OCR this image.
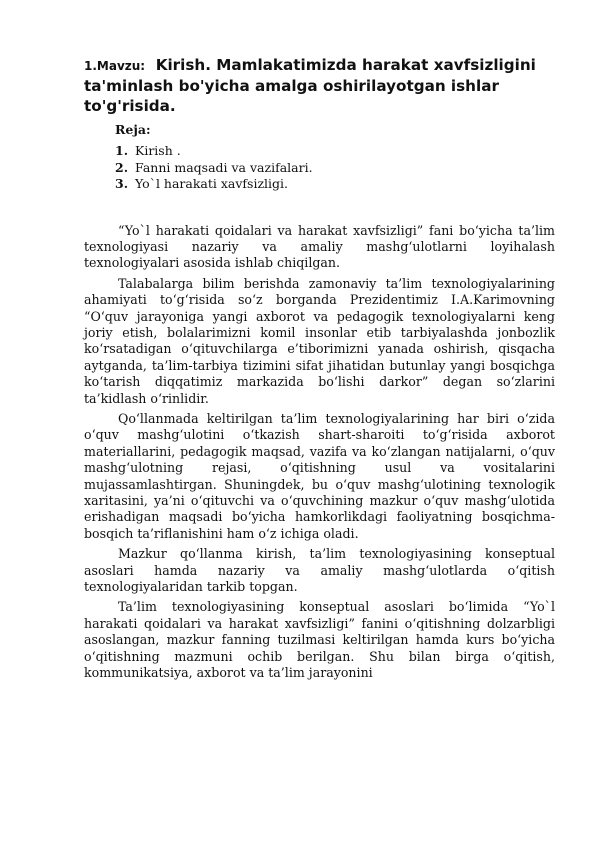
1.Mavzu: Kirish. Mamlakatimizda harakat xavfsizligini ta'minlash bo'yicha amalga oshirilayotgan ishlar to'g'risida.
Reja:
1. Kirish .
2. Fanni maqsadi va vazifalari.
3. Yo`l harakati xavfsizligi.

“Yo`l harakati qoidalari va harakat xavfsizligi” fani bo‘yicha ta’lim texnologiyasi nazariy va amaliy mashg‘ulotlarni loyihalash texnologiyalari asosida ishlab chiqilgan.

Talabalarga bilim berishda zamonaviy ta’lim texnologiyalarining ahamiyati to‘g‘risida so‘z borganda Prezidentimiz I.A.Karimovning “O‘quv jarayoniga yangi axborot va pedagogik texnologiyalarni keng joriy etish, bolalarimizni komil insonlar etib tarbiyalashda jonbozlik ko‘rsatadigan o‘qituvchilarga e’tiborimizni yanada oshirish, qisqacha aytganda, ta’lim-tarbiya tizimini sifat jihatidan butunlay yangi bosqichga ko‘tarish diqqatimiz markazida bo‘lishi darkor” degan so‘zlarini ta’kidlash o‘rinlidir.

Qo‘llanmada keltirilgan ta’lim texnologiyalarining har biri o‘zida o‘quv mashg‘ulotini o‘tkazish shart-sharoiti to‘g‘risida axborot materiallarini, pedagogik maqsad, vazifa va ko‘zlangan natijalarni, o‘quv mashg‘ulotning rejasi, o‘qitishning usul va vositalarini mujassamlashtirgan. Shuningdek, bu o‘quv mashg‘ulotining texnologik xaritasini, ya’ni o‘qituvchi va o‘quvchining mazkur o‘quv mashg‘ulotida erishadigan maqsadi bo‘yicha hamkorlikdagi faoliyatning bosqichma-bosqich ta’riflanishini ham o‘z ichiga oladi.

Mazkur qo‘llanma kirish, ta’lim texnologiyasining konseptual asoslari hamda nazariy va amaliy mashg‘ulotlarda o‘qitish texnologiyalaridan tarkib topgan.

Ta’lim texnologiyasining konseptual asoslari bo‘limida “Yo`l harakati qoidalari va harakat xavfsizligi” fanini o‘qitishning dolzarbligi asoslangan, mazkur fanning tuzilmasi keltirilgan hamda kurs bo‘yicha o‘qitishning mazmuni ochib berilgan. Shu bilan birga o‘qitish, kommunikatsiya, axborot va ta’lim jarayonini
